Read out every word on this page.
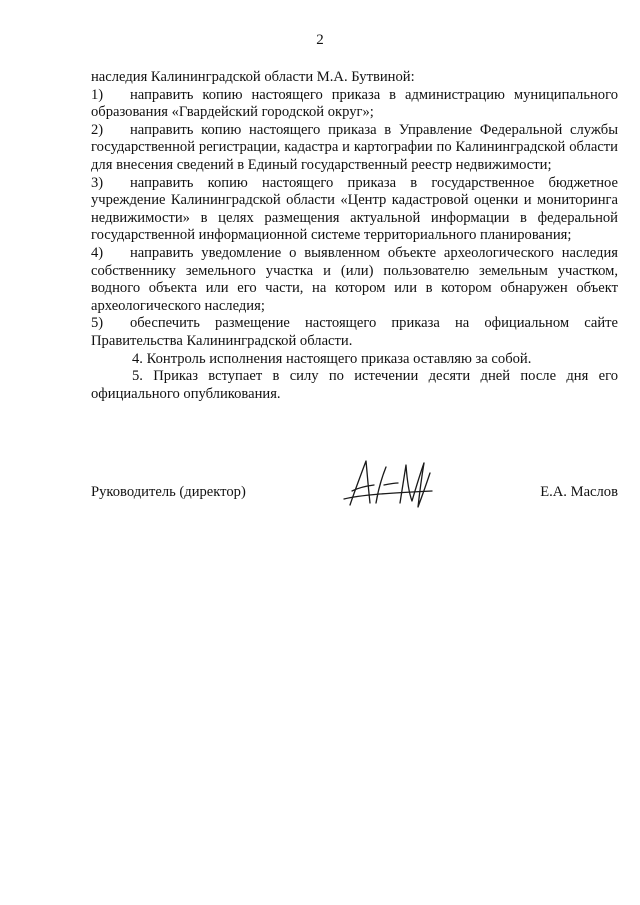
2

наследия Калининградской области М.А. Бутвиной:

1) направить копию настоящего приказа в администрацию муниципального образования «Гвардейский городской округ»;

2) направить копию настоящего приказа в Управление Федеральной службы государственной регистрации, кадастра и картографии по Калининградской области для внесения сведений в Единый государственный реестр недвижимости;

3) направить копию настоящего приказа в государственное бюджетное учреждение Калининградской области «Центр кадастровой оценки и мониторинга недвижимости» в целях размещения актуальной информации в федеральной государственной информационной системе территориального планирования;

4) направить уведомление о выявленном объекте археологического наследия собственнику земельного участка и (или) пользователю земельным участком, водного объекта или его части, на котором или в котором обнаружен объект археологического наследия;

5) обеспечить размещение настоящего приказа на официальном сайте Правительства Калининградской области.

4. Контроль исполнения настоящего приказа оставляю за собой.

5. Приказ вступает в силу по истечении десяти дней после дня его официального опубликования.

Руководитель (директор)	Е.А. Маслов
